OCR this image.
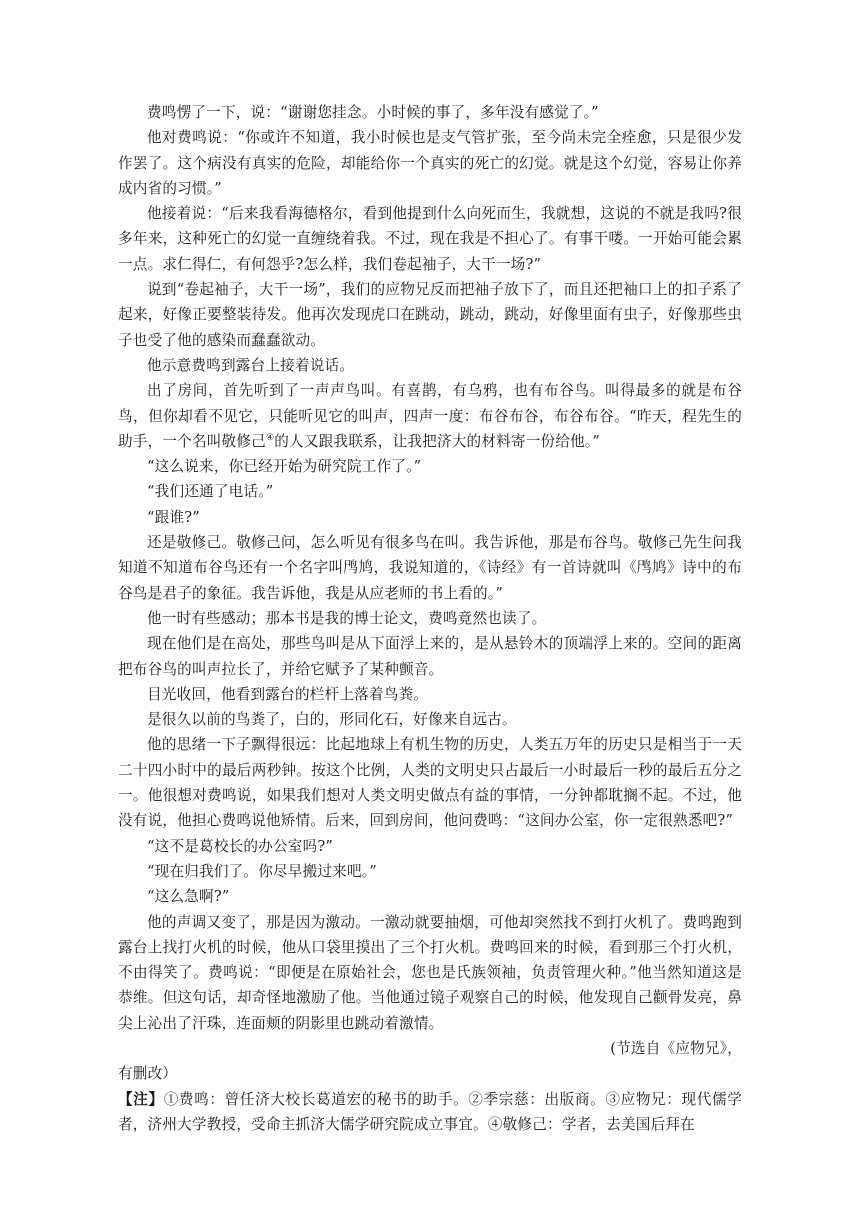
费鸣愣了一下，说：“谢谢您挂念。小时候的事了，多年没有感觉了。”

他对费鸣说：“你或许不知道，我小时候也是支气管扩张，至今尚未完全痊愈，只是很少发作罢了。这个病没有真实的危险，却能给你一个真实的死亡的幻觉。就是这个幻觉，容易让你养成内省的习惯。”

他接着说：“后来我看海德格尔，看到他提到什么向死而生，我就想，这说的不就是我吗?很多年来，这种死亡的幻觉一直缠绕着我。不过，现在我是不担心了。有事干喽。一开始可能会累一点。求仁得仁，有何怨乎?怎么样，我们卷起袖子，大干一场?”

说到“卷起袖子，大干一场”，我们的应物兄反而把袖子放下了，而且还把袖口上的扣子系了起来，好像正要整装待发。他再次发现虎口在跳动，跳动，跳动，好像里面有虫子，好像那些虫子也受了他的感染而蠢蠢欲动。

他示意费鸣到露台上接着说话。

出了房间，首先听到了一声声鸟叫。有喜鹊，有乌鸦，也有布谷鸟。叫得最多的就是布谷鸟，但你却看不见它，只能听见它的叫声，四声一度：布谷布谷，布谷布谷。“昨天，程先生的助手，一个名叫敬修己④的人又跟我联系，让我把济大的材料寄一份给他。”

“这么说来，你已经开始为研究院工作了。”

“我们还通了电话。”

“跟谁?”

还是敬修己。敬修己问，怎么听见有很多鸟在叫。我告诉他，那是布谷鸟。敬修己先生问我知道不知道布谷鸟还有一个名字叫鸤鸠，我说知道的，《诗经》有一首诗就叫《鸤鸠》诗中的布谷鸟是君子的象征。我告诉他，我是从应老师的书上看的。”

他一时有些感动；那本书是我的博士论文，费鸣竟然也读了。

现在他们是在高处，那些鸟叫是从下面浮上来的，是从悬铃木的顶端浮上来的。空间的距离把布谷鸟的叫声拉长了，并给它赋予了某种颤音。

目光收回，他看到露台的栏杆上落着鸟粪。

是很久以前的鸟粪了，白的，形同化石，好像来自远古。

他的思绪一下子飘得很远：比起地球上有机生物的历史，人类五万年的历史只是相当于一天二十四小时中的最后两秒钟。按这个比例，人类的文明史只占最后一小时最后一秒的最后五分之一。他很想对费鸣说，如果我们想对人类文明史做点有益的事情，一分钟都耽搁不起。不过，他没有说，他担心费鸣说他矫情。后来，回到房间，他问费鸣：“这间办公室，你一定很熟悉吧?”

“这不是葛校长的办公室吗?”

“现在归我们了。你尽早搬过来吧。”

“这么急啊?”

他的声调又变了，那是因为激动。一激动就要抽烟，可他却突然找不到打火机了。费鸣跑到露台上找打火机的时候，他从口袋里摸出了三个打火机。费鸣回来的时候，看到那三个打火机，不由得笑了。费鸣说：“即便是在原始社会，您也是氏族领袖，负责管理火种。”他当然知道这是恭维。但这句话，却奇怪地激励了他。当他通过镜子观察自己的时候，他发现自己颧骨发亮，鼻尖上沁出了汗珠，连面颊的阴影里也跳动着激情。

(节选自《应物兄》，

有删改）

【注】①费鸣：曾任济大校长葛道宏的秘书的助手。②季宗慈：出版商。③应物兄：现代儒学者，济州大学教授，受命主抓济大儒学研究院成立事宜。④敬修己：学者，去美国后拜在
